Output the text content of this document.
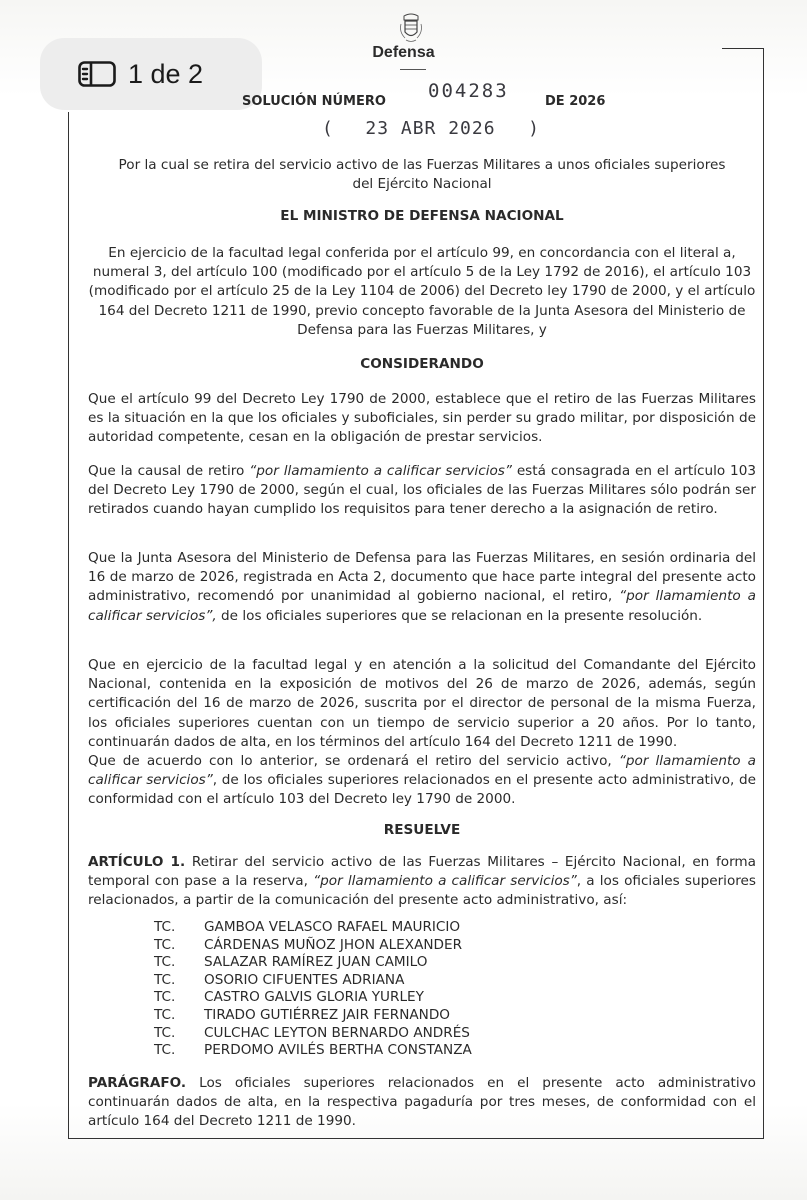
Defensa
1 de 2
SOLUCIÓN NÚMERO 004283	DE 2026
( 23 ABR 2026 )
Por la cual se retira del servicio activo de las Fuerzas Militares a unos oficiales superiores del Ejército Nacional
EL MINISTRO DE DEFENSA NACIONAL
En ejercicio de la facultad legal conferida por el artículo 99, en concordancia con el literal a, numeral 3, del artículo 100 (modificado por el artículo 5 de la Ley 1792 de 2016), el artículo 103 (modificado por el artículo 25 de la Ley 1104 de 2006) del Decreto ley 1790 de 2000, y el artículo 164 del Decreto 1211 de 1990, previo concepto favorable de la Junta Asesora del Ministerio de Defensa para las Fuerzas Militares, y
CONSIDERANDO
Que el artículo 99 del Decreto Ley 1790 de 2000, establece que el retiro de las Fuerzas Militares es la situación en la que los oficiales y suboficiales, sin perder su grado militar, por disposición de autoridad competente, cesan en la obligación de prestar servicios.
Que la causal de retiro “por llamamiento a calificar servicios” está consagrada en el artículo 103 del Decreto Ley 1790 de 2000, según el cual, los oficiales de las Fuerzas Militares sólo podrán ser retirados cuando hayan cumplido los requisitos para tener derecho a la asignación de retiro.
Que la Junta Asesora del Ministerio de Defensa para las Fuerzas Militares, en sesión ordinaria del 16 de marzo de 2026, registrada en Acta 2, documento que hace parte integral del presente acto administrativo, recomendó por unanimidad al gobierno nacional, el retiro, “por llamamiento a calificar servicios”, de los oficiales superiores que se relacionan en la presente resolución.
Que en ejercicio de la facultad legal y en atención a la solicitud del Comandante del Ejército Nacional, contenida en la exposición de motivos del 26 de marzo de 2026, además, según certificación del 16 de marzo de 2026, suscrita por el director de personal de la misma Fuerza, los oficiales superiores cuentan con un tiempo de servicio superior a 20 años. Por lo tanto, continuarán dados de alta, en los términos del artículo 164 del Decreto 1211 de 1990.
Que de acuerdo con lo anterior, se ordenará el retiro del servicio activo, “por llamamiento a calificar servicios”, de los oficiales superiores relacionados en el presente acto administrativo, de conformidad con el artículo 103 del Decreto ley 1790 de 2000.
RESUELVE
ARTÍCULO 1. Retirar del servicio activo de las Fuerzas Militares – Ejército Nacional, en forma temporal con pase a la reserva, “por llamamiento a calificar servicios”, a los oficiales superiores relacionados, a partir de la comunicación del presente acto administrativo, así:
TC.	GAMBOA VELASCO RAFAEL MAURICIO
TC.	CÁRDENAS MUÑOZ JHON ALEXANDER
TC.	SALAZAR RAMÍREZ JUAN CAMILO
TC.	OSORIO CIFUENTES ADRIANA
TC.	CASTRO GALVIS GLORIA YURLEY
TC.	TIRADO GUTIÉRREZ JAIR FERNANDO
TC.	CULCHAC LEYTON BERNARDO ANDRÉS
TC.	PERDOMO AVILÉS BERTHA CONSTANZA
PARÁGRAFO. Los oficiales superiores relacionados en el presente acto administrativo continuarán dados de alta, en la respectiva pagaduría por tres meses, de conformidad con el artículo 164 del Decreto 1211 de 1990.
